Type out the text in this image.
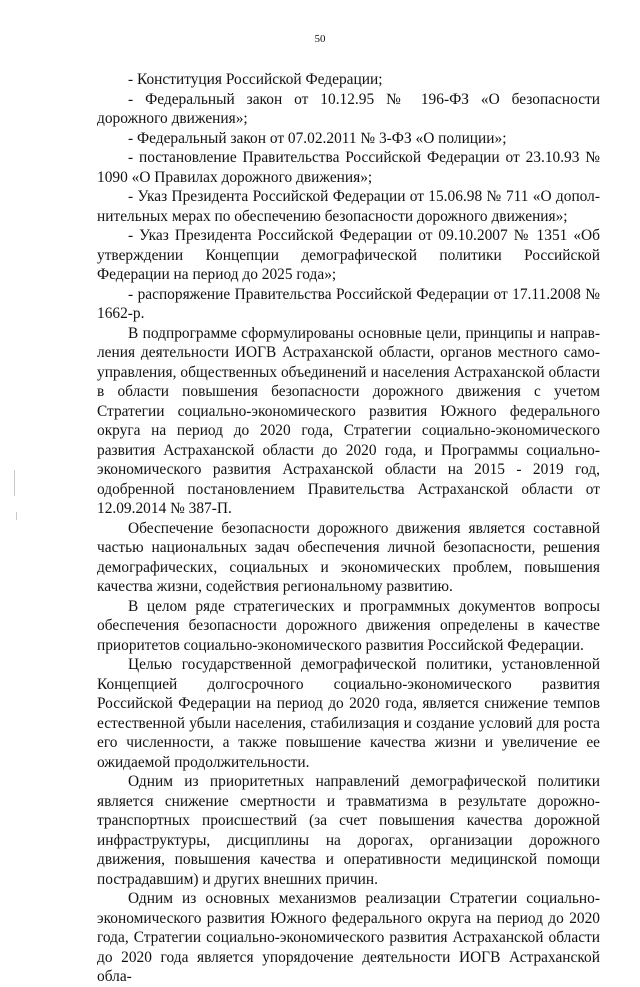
50

- Конституция Российской Федерации;

- Федеральный закон от 10.12.95 № 196-ФЗ «О безопасности дорожного движения»;

- Федеральный закон от 07.02.2011 № 3-ФЗ «О полиции»;

- постановление Правительства Российской Федерации от 23.10.93 № 1090 «О Правилах дорожного движения»;

- Указ Президента Российской Федерации от 15.06.98 № 711 «О дополнительных мерах по обеспечению безопасности дорожного движения»;

- Указ Президента Российской Федерации от 09.10.2007 № 1351 «Об утверждении Концепции демографической политики Российской Федерации на период до 2025 года»;

- распоряжение Правительства Российской Федерации от 17.11.2008 № 1662-р.

В подпрограмме сформулированы основные цели, принципы и направления деятельности ИОГВ Астраханской области, органов местного самоуправления, общественных объединений и населения Астраханской области в области повышения безопасности дорожного движения с учетом Стратегии социально-экономического развития Южного федерального округа на период до 2020 года, Стратегии социально-экономического развития Астраханской области до 2020 года, и Программы социально-экономического развития Астраханской области на 2015 - 2019 год, одобренной постановлением Правительства Астраханской области от 12.09.2014 № 387-П.

Обеспечение безопасности дорожного движения является составной частью национальных задач обеспечения личной безопасности, решения демографических, социальных и экономических проблем, повышения качества жизни, содействия региональному развитию.

В целом ряде стратегических и программных документов вопросы обеспечения безопасности дорожного движения определены в качестве приоритетов социально-экономического развития Российской Федерации.

Целью государственной демографической политики, установленной Концепцией долгосрочного социально-экономического развития Российской Федерации на период до 2020 года, является снижение темпов естественной убыли населения, стабилизация и создание условий для роста его численности, а также повышение качества жизни и увеличение ее ожидаемой продолжительности.

Одним из приоритетных направлений демографической политики является снижение смертности и травматизма в результате дорожно-транспортных происшествий (за счет повышения качества дорожной инфраструктуры, дисциплины на дорогах, организации дорожного движения, повышения качества и оперативности медицинской помощи пострадавшим) и других внешних причин.

Одним из основных механизмов реализации Стратегии социально-экономического развития Южного федерального округа на период до 2020 года, Стратегии социально-экономического развития Астраханской области до 2020 года является упорядочение деятельности ИОГВ Астраханской обла-
